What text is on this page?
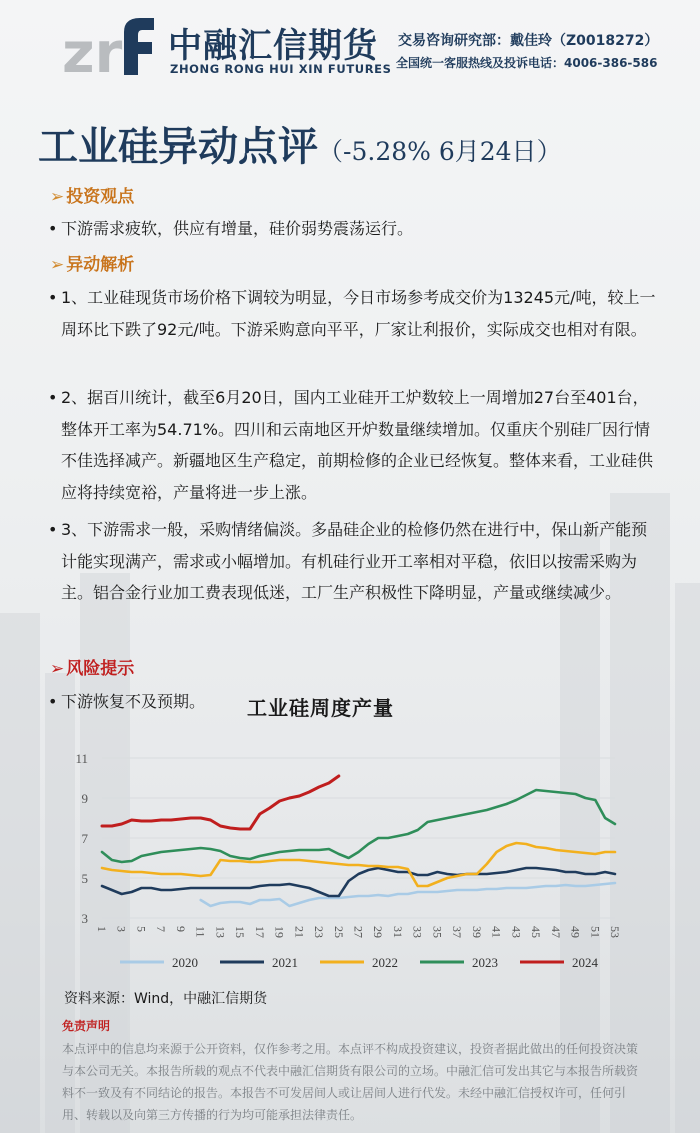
zr 中融汇信期货
ZHONG RONG HUI XIN FUTURES
交易咨询研究部：戴佳玲（Z0018272）
全国统一客服热线及投诉电话：4006-386-586
工业硅异动点评（-5.28% 6月24日）
➢ 投资观点
• 下游需求疲软，供应有增量，硅价弱势震荡运行。
➢ 异动解析
• 1、工业硅现货市场价格下调较为明显，今日市场参考成交价为13245元/吨，较上一周环比下跌了92元/吨。下游采购意向平平，厂家让利报价，实际成交也相对有限。
• 2、据百川统计，截至6月20日，国内工业硅开工炉数较上一周增加27台至401台，整体开工率为54.71%。四川和云南地区开炉数量继续增加。仅重庆个别硅厂因行情不佳选择减产。新疆地区生产稳定，前期检修的企业已经恢复。整体来看，工业硅供应将持续宽裕，产量将进一步上涨。
• 3、下游需求一般，采购情绪偏淡。多晶硅企业的检修仍然在进行中，保山新产能预计能实现满产，需求或小幅增加。有机硅行业开工率相对平稳，依旧以按需采购为主。铝合金行业加工费表现低迷，工厂生产积极性下降明显，产量或继续减少。
➢ 风险提示
• 下游恢复不及预期。	工业硅周度产量
3
5
7
9
11
1 3 5 7 9 11 13 15 17 19 21 23 25 27 29 31 33 35 37 39 41 43 45 47 49 51 53
2020	2021	2022	2023	2024
资料来源：Wind，中融汇信期货
免责声明
本点评中的信息均来源于公开资料，仅作参考之用。本点评不构成投资建议，投资者据此做出的任何投资决策与本公司无关。本报告所载的观点不代表中融汇信期货有限公司的立场。中融汇信可发出其它与本报告所载资料不一致及有不同结论的报告。本报告不可发居间人或让居间人进行代发。未经中融汇信授权许可，任何引用、转载以及向第三方传播的行为均可能承担法律责任。
